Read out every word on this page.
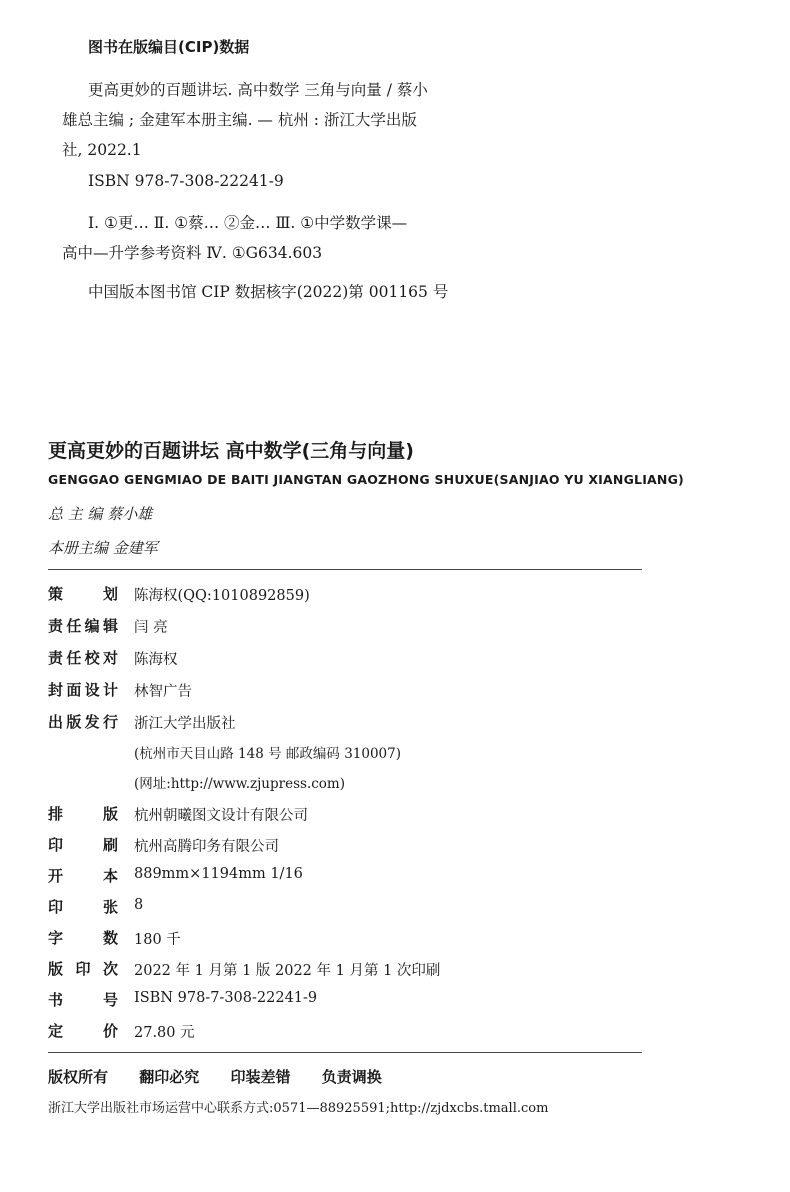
图书在版编目(CIP)数据
更高更妙的百题讲坛. 高中数学 三角与向量 / 蔡小
雄总主编 ; 金建军本册主编. — 杭州 : 浙江大学出版
社, 2022.1
ISBN 978-7-308-22241-9
Ⅰ. ①更… Ⅱ. ①蔡… ②金… Ⅲ. ①中学数学课—
高中—升学参考资料 Ⅳ. ①G634.603
中国版本图书馆 CIP 数据核字(2022)第 001165 号
更高更妙的百题讲坛 高中数学(三角与向量)
GENGGAO GENGMIAO DE BAITI JIANGTAN GAOZHONG SHUXUE(SANJIAO YU XIANGLIANG)
总 主 编 蔡小雄
本册主编 金建军
策划 陈海权(QQ:1010892859)
责任编辑 闫 亮
责任校对 陈海权
封面设计 林智广告
出版发行 浙江大学出版社
(杭州市天目山路 148 号 邮政编码 310007)
(网址:http://www.zjupress.com)
排版 杭州朝曦图文设计有限公司
印刷 杭州高腾印务有限公司
开本 889mm×1194mm 1/16
印张 8
字数 180 千
版印次 2022 年 1 月第 1 版 2022 年 1 月第 1 次印刷
书号 ISBN 978-7-308-22241-9
定价 27.80 元
版权所有 翻印必究 印装差错 负责调换
浙江大学出版社市场运营中心联系方式:0571—88925591;http://zjdxcbs.tmall.com
